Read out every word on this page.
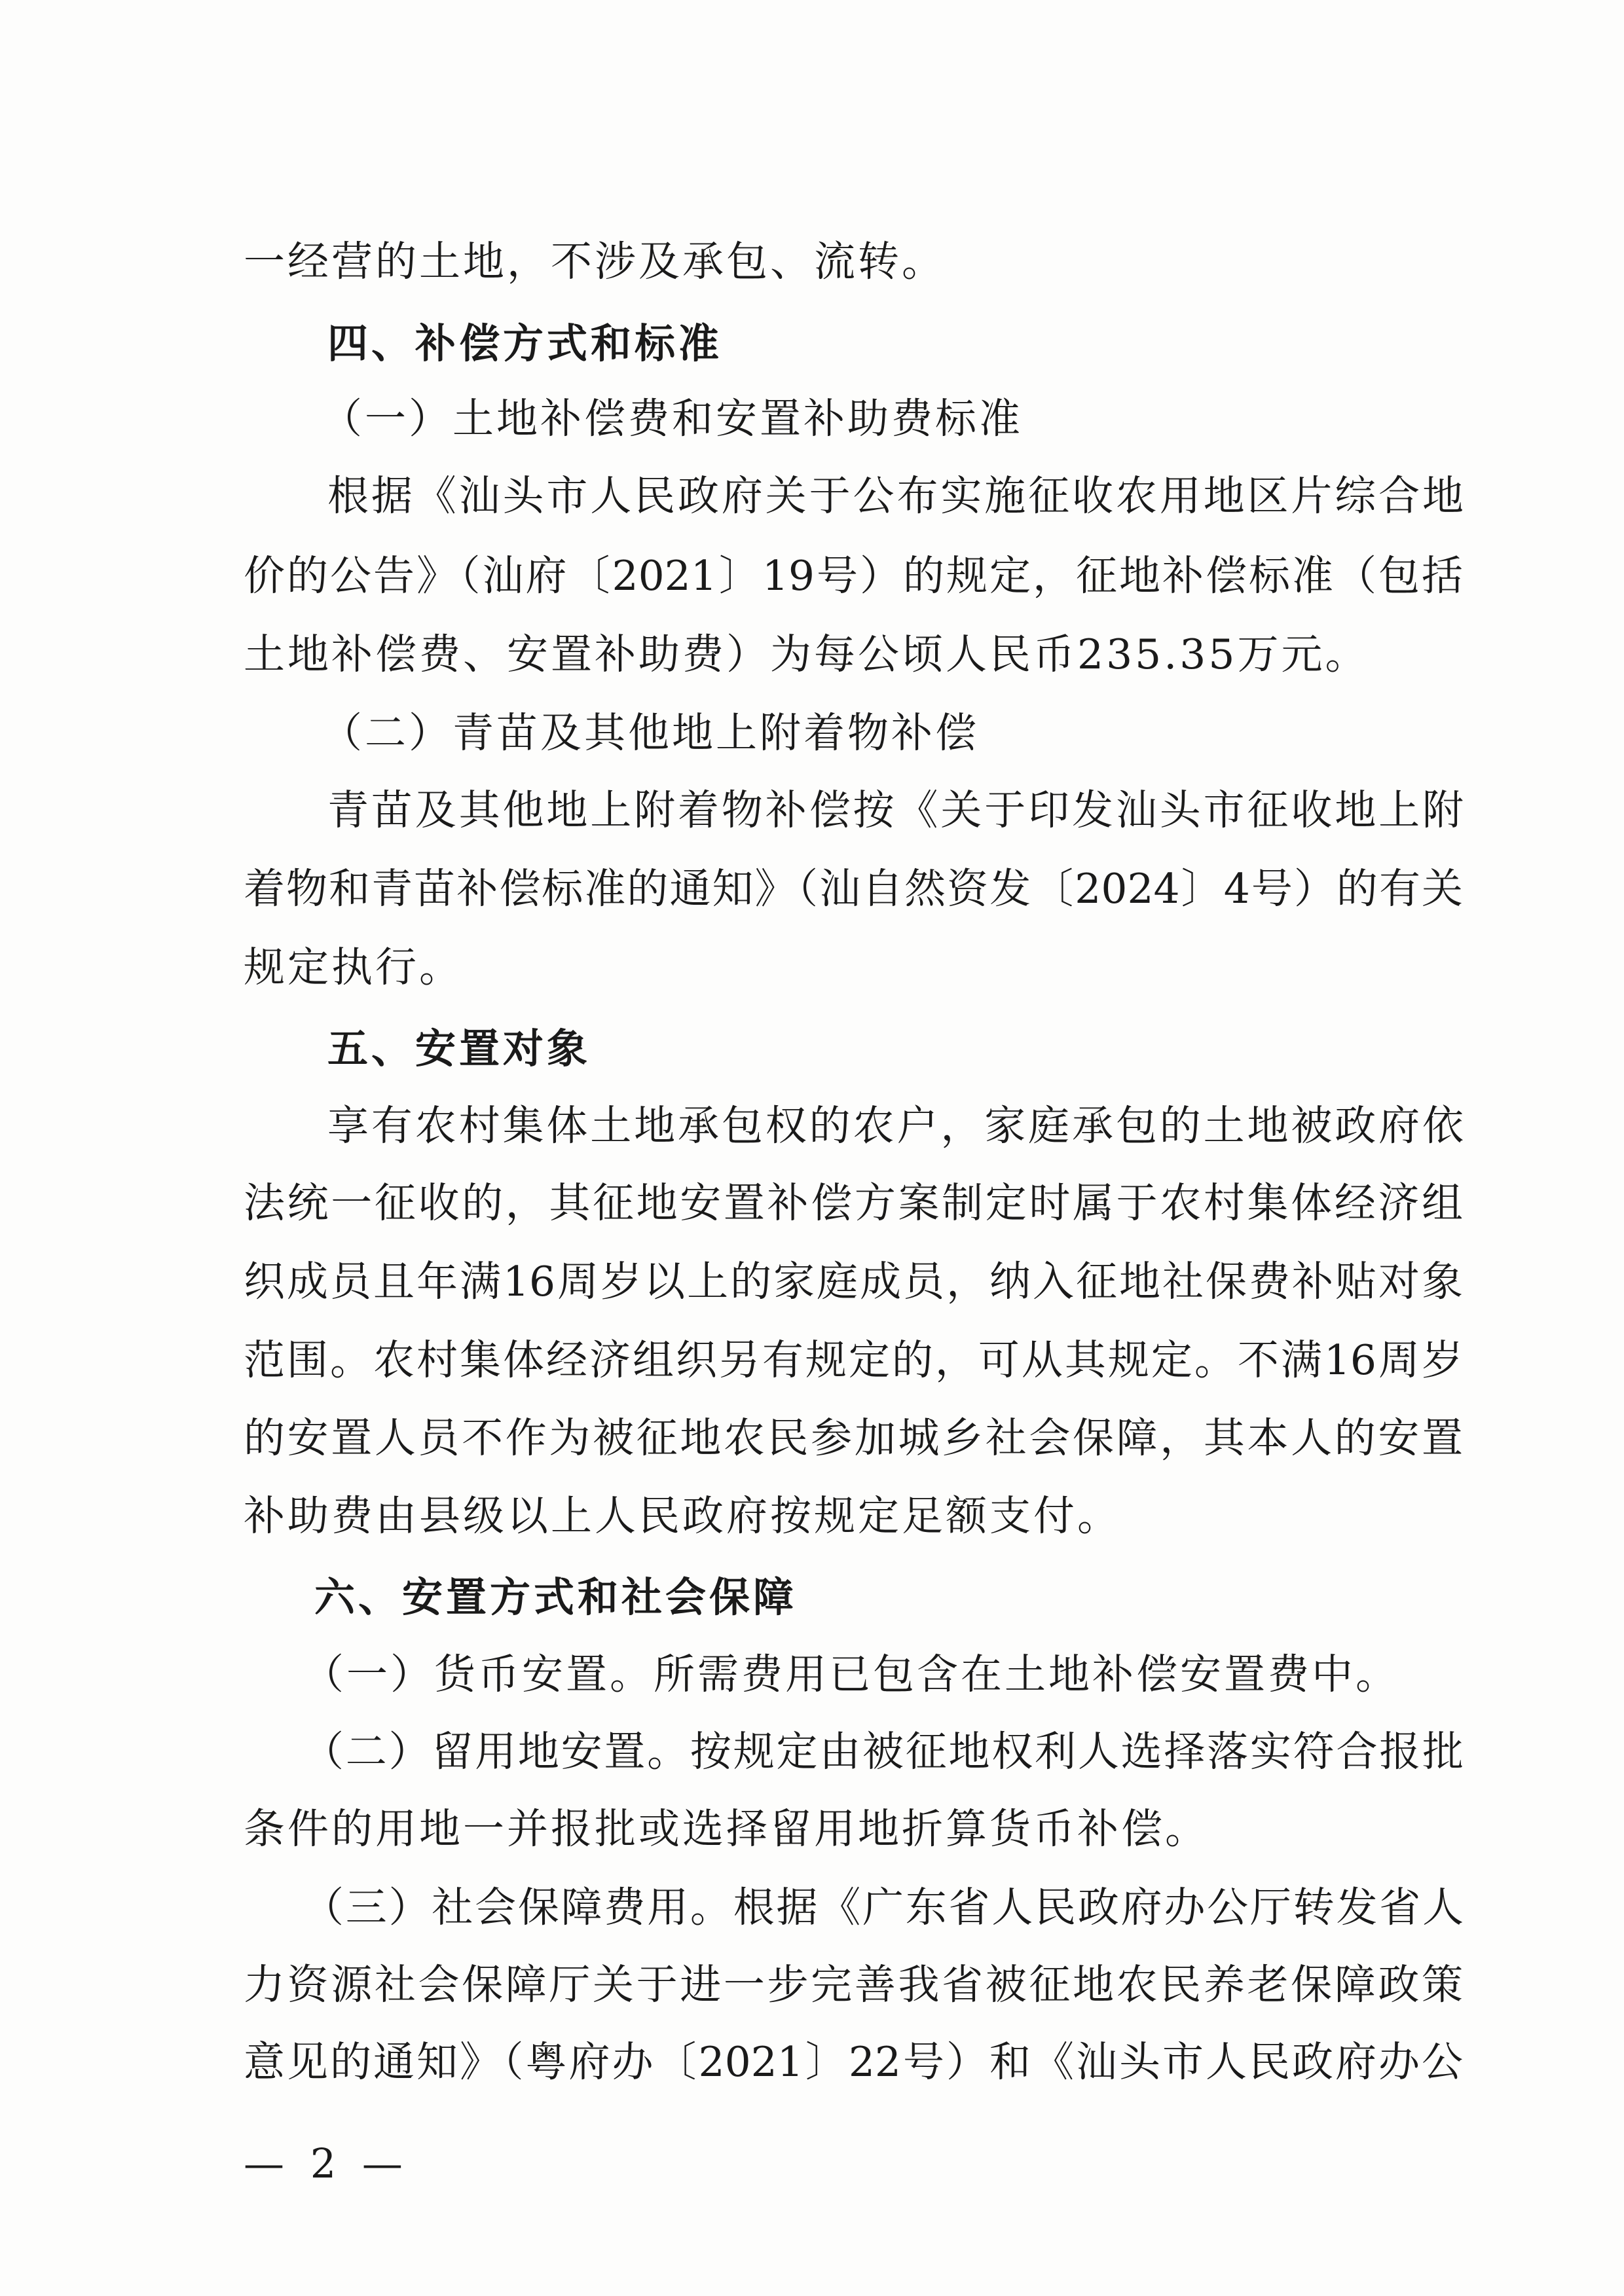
一经营的土地，不涉及承包、流转。
四、补偿方式和标准
（一）土地补偿费和安置补助费标准
根据《汕头市人民政府关于公布实施征收农用地区片综合地
价的公告》（汕府〔2021〕19号）的规定，征地补偿标准（包括
土地补偿费、安置补助费）为每公顷人民币235.35万元。
（二）青苗及其他地上附着物补偿
青苗及其他地上附着物补偿按《关于印发汕头市征收地上附
着物和青苗补偿标准的通知》（汕自然资发〔2024〕4号）的有关
规定执行。
五、安置对象
享有农村集体土地承包权的农户，家庭承包的土地被政府依
法统一征收的，其征地安置补偿方案制定时属于农村集体经济组
织成员且年满16周岁以上的家庭成员，纳入征地社保费补贴对象
范围。农村集体经济组织另有规定的，可从其规定。不满16周岁
的安置人员不作为被征地农民参加城乡社会保障，其本人的安置
补助费由县级以上人民政府按规定足额支付。
六、安置方式和社会保障
（一）货币安置。所需费用已包含在土地补偿安置费中。
（二）留用地安置。按规定由被征地权利人选择落实符合报批
条件的用地一并报批或选择留用地折算货币补偿。
（三）社会保障费用。根据《广东省人民政府办公厅转发省人
力资源社会保障厅关于进一步完善我省被征地农民养老保障政策
意见的通知》（粤府办〔2021〕22号）和《汕头市人民政府办公
— 2 —
